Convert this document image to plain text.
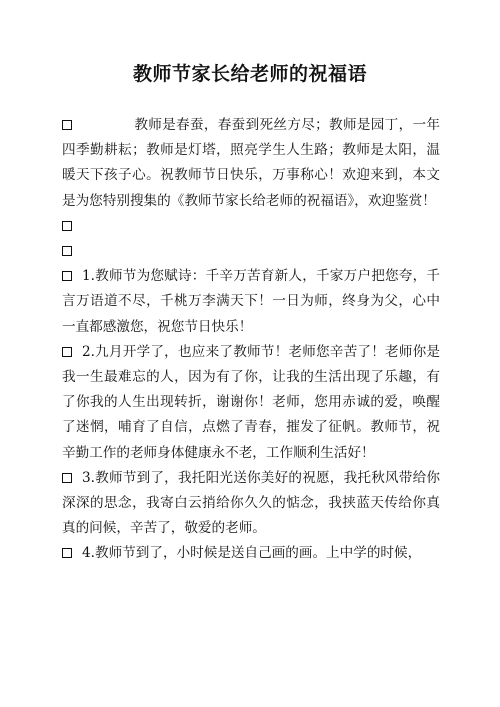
教师节家长给老师的祝福语

教师是春蚕，春蚕到死丝方尽；教师是园丁，一年四季勤耕耘；教师是灯塔，照亮学生人生路；教师是太阳，温暖天下孩子心。祝教师节日快乐，万事称心！欢迎来到，本文是为您特别搜集的《教师节家长给老师的祝福语》，欢迎鉴赏！

1.教师节为您赋诗：千辛万苦育新人，千家万户把您夸，千言万语道不尽，千桃万李满天下！一日为师，终身为父，心中一直都感激您，祝您节日快乐！

2.九月开学了，也应来了教师节！老师您辛苦了！老师你是我一生最难忘的人，因为有了你，让我的生活出现了乐趣，有了你我的人生出现转折，谢谢你！老师，您用赤诚的爱，唤醒了迷惘，哺育了自信，点燃了青春，摧发了征帆。教师节，祝辛勤工作的老师身体健康永不老，工作顺利生活好！

3.教师节到了，我托阳光送你美好的祝愿，我托秋风带给你深深的思念，我寄白云捎给你久久的惦念，我挟蓝天传给你真真的问候，辛苦了，敬爱的老师。

4.教师节到了，小时候是送自己画的画。上中学的时候，
